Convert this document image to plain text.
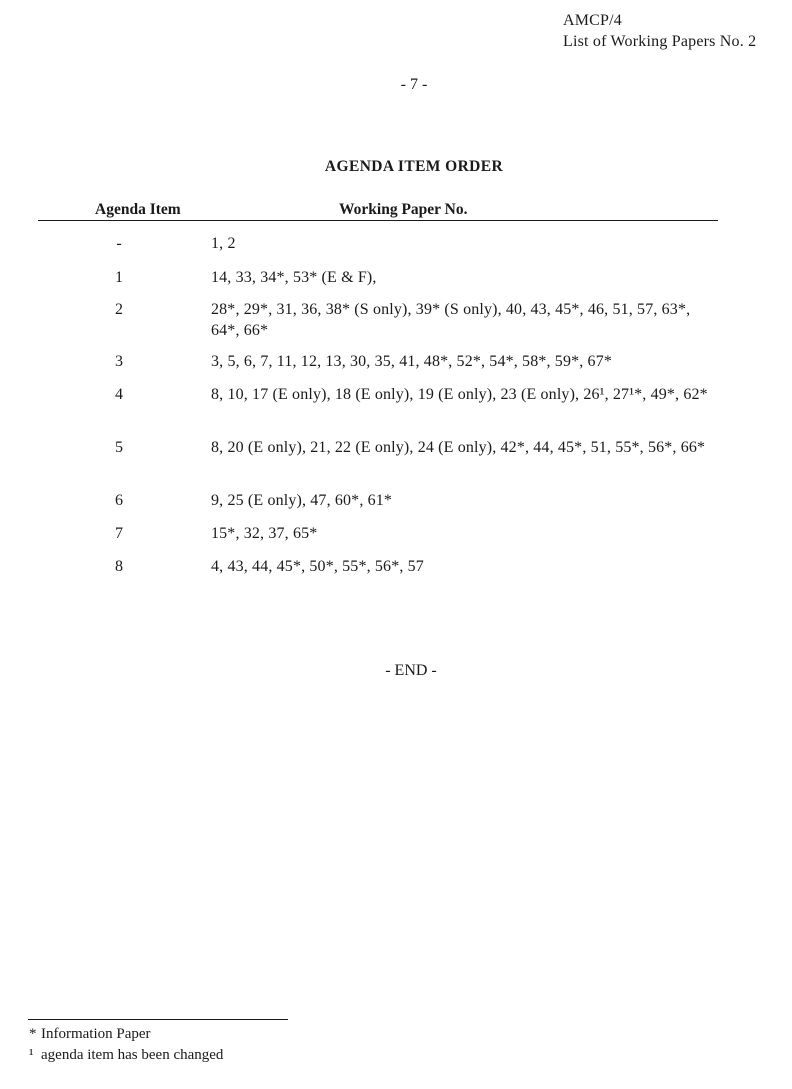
AMCP/4
List of Working Papers No. 2
- 7 -
AGENDA ITEM ORDER
Agenda Item	Working Paper No.
-	1, 2
1	14, 33, 34*, 53* (E & F),
2	28*, 29*, 31, 36, 38* (S only), 39* (S only), 40, 43, 45*, 46, 51, 57, 63*, 64*, 66*
3	3, 5, 6, 7, 11, 12, 13, 30, 35, 41, 48*, 52*, 54*, 58*, 59*, 67*
4	8, 10, 17 (E only), 18 (E only), 19 (E only), 23 (E only), 26¹, 27¹*, 49*, 62*
5	8, 20 (E only), 21, 22 (E only), 24 (E only), 42*, 44, 45*, 51, 55*, 56*, 66*
6	9, 25 (E only), 47, 60*, 61*
7	15*, 32, 37, 65*
8	4, 43, 44, 45*, 50*, 55*, 56*, 57
- END -
* Information Paper
¹ agenda item has been changed
